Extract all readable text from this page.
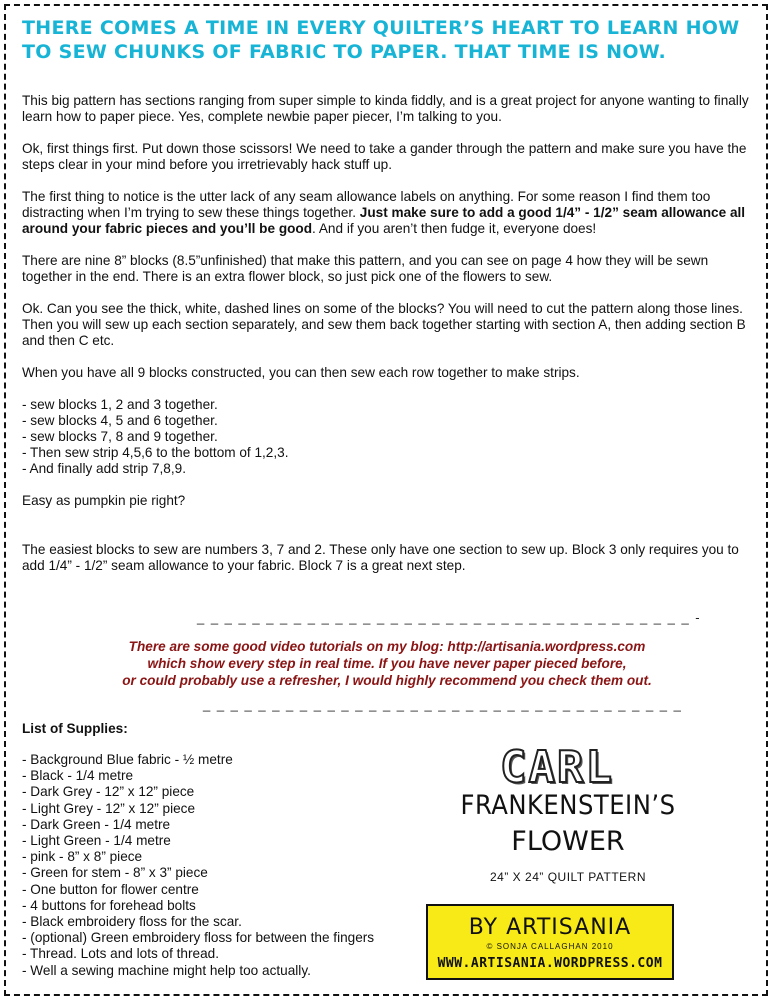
THERE COMES A TIME IN EVERY QUILTER’S HEART TO LEARN HOW TO SEW CHUNKS OF FABRIC TO PAPER. THAT TIME IS NOW.

This big pattern has sections ranging from super simple to kinda fiddly, and is a great project for anyone wanting to finally learn how to paper piece. Yes, complete newbie paper piecer, I’m talking to you.

Ok, first things first. Put down those scissors! We need to take a gander through the pattern and make sure you have the steps clear in your mind before you irretrievably hack stuff up.

The first thing to notice is the utter lack of any seam allowance labels on anything. For some reason I find them too distracting when I’m trying to sew these things together. Just make sure to add a good 1/4” - 1/2” seam allowance all around your fabric pieces and you’ll be good. And if you aren’t then fudge it, everyone does!

There are nine 8” blocks (8.5”unfinished) that make this pattern, and you can see on page 4 how they will be sewn together in the end. There is an extra flower block, so just pick one of the flowers to sew.

Ok. Can you see the thick, white, dashed lines on some of the blocks? You will need to cut the pattern along those lines. Then you will sew up each section separately, and sew them back together starting with section A, then adding section B and then C etc.

When you have all 9 blocks constructed, you can then sew each row together to make strips.

- sew blocks 1, 2 and 3 together.
- sew blocks 4, 5 and 6 together.
- sew blocks 7, 8 and 9 together.
- Then sew strip 4,5,6 to the bottom of 1,2,3.
- And finally add strip 7,8,9.

Easy as pumpkin pie right?

The easiest blocks to sew are numbers 3, 7 and 2. These only have one section to sew up. Block 3 only requires you to add 1/4” - 1/2” seam allowance to your fabric. Block 7 is a great next step.

_ _ _ _ _ _ _ _ _ _ _ _ _ _ _ _ _ _ _ _ _ _ _ _ _ _ _ _ _ _ _ _ _ _ _ _ -
There are some good video tutorials on my blog: http://artisania.wordpress.com
which show every step in real time. If you have never paper pieced before,
or could probably use a refresher, I would highly recommend you check them out.
_ _ _ _ _ _ _ _ _ _ _ _ _ _ _ _ _ _ _ _ _ _ _ _ _ _ _ _ _ _ _ _ _ _ _
List of Supplies:
- Background Blue fabric - ½ metre
- Black - 1/4 metre
- Dark Grey - 12” x 12” piece
- Light Grey - 12” x 12” piece
- Dark Green - 1/4 metre
- Light Green - 1/4 metre
- pink - 8” x 8” piece
- Green for stem - 8” x 3” piece
- One button for flower centre
- 4 buttons for forehead bolts
- Black embroidery floss for the scar.
- (optional) Green embroidery floss for between the fingers
- Thread. Lots and lots of thread.
- Well a sewing machine might help too actually.
CARL
FRANKENSTEIN’S
FLOWER
24” X 24” QUILT PATTERN
BY ARTISANIA
© SONJA CALLAGHAN 2010
WWW.ARTISANIA.WORDPRESS.COM
